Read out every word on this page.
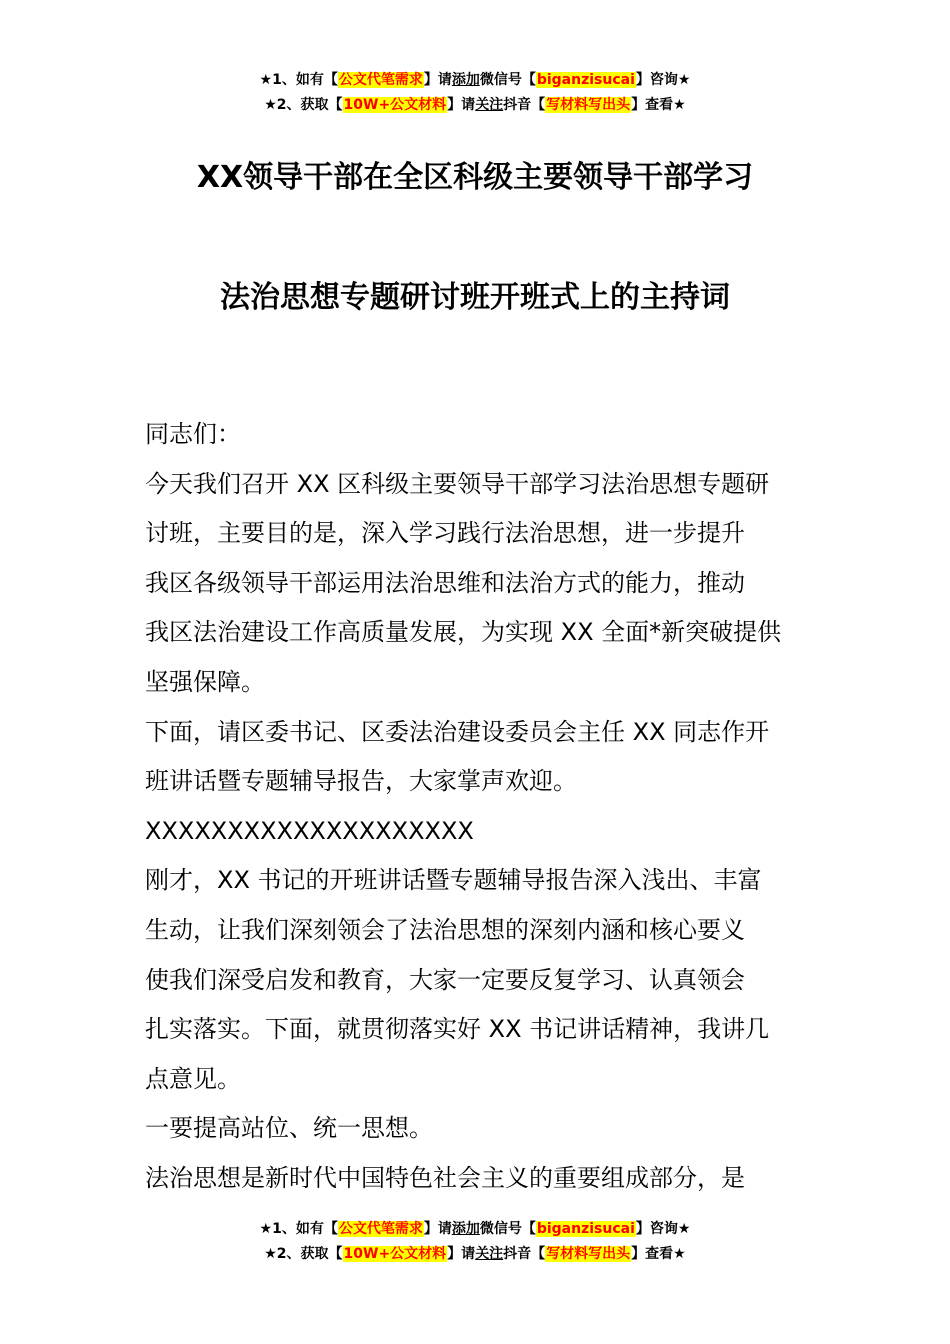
★1、如有【公文代笔需求】请添加微信号【biganzisucai】咨询★
★2、获取【10W+公文材料】请关注抖音【写材料写出头】查看★
XX领导干部在全区科级主要领导干部学习
法治思想专题研讨班开班式上的主持词
同志们：
今天我们召开 XX 区科级主要领导干部学习法治思想专题研
讨班，主要目的是，深入学习践行法治思想，进一步提升
我区各级领导干部运用法治思维和法治方式的能力，推动
我区法治建设工作高质量发展，为实现 XX 全面*新突破提供
坚强保障。
下面，请区委书记、区委法治建设委员会主任 XX 同志作开
班讲话暨专题辅导报告，大家掌声欢迎。
XXXXXXXXXXXXXXXXXXXX
刚才，XX 书记的开班讲话暨专题辅导报告深入浅出、丰富
生动，让我们深刻领会了法治思想的深刻内涵和核心要义
使我们深受启发和教育，大家一定要反复学习、认真领会
扎实落实。下面，就贯彻落实好 XX 书记讲话精神，我讲几
点意见。
一要提高站位、统一思想。
法治思想是新时代中国特色社会主义的重要组成部分，是
★1、如有【公文代笔需求】请添加微信号【biganzisucai】咨询★
★2、获取【10W+公文材料】请关注抖音【写材料写出头】查看★
